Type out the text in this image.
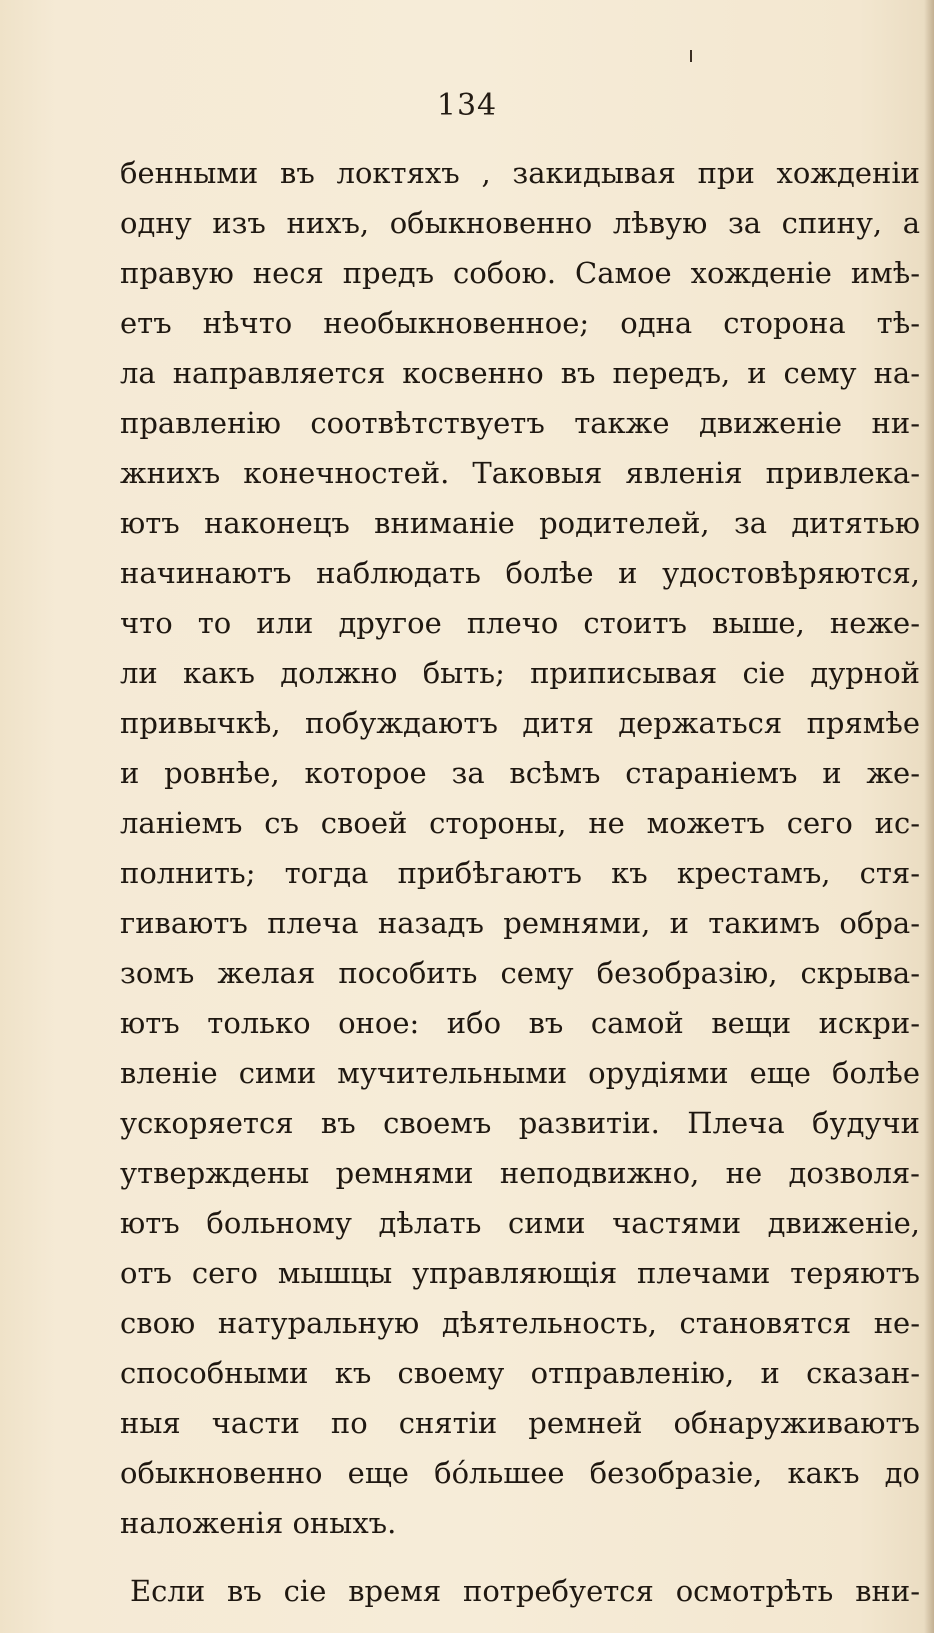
134
бенными въ локтяхъ , закидывая при хожденіи
одну изъ нихъ, обыкновенно лѣвую за спину, а
правую неся предъ собою. Самое хожденіе имѣ-
етъ нѣчто необыкновенное; одна сторона тѣ-
ла направляется косвенно въ передъ, и сему на-
правленію соотвѣтствуетъ также движеніе ни-
жнихъ конечностей. Таковыя явленія привлека-
ютъ наконецъ вниманіе родителей, за дитятью
начинаютъ наблюдать болѣе и удостовѣряются,
что то или другое плечо стоитъ выше, неже-
ли какъ должно быть; приписывая сіе дурной
привычкѣ, побуждаютъ дитя держаться прямѣе
и ровнѣе, которое за всѣмъ стараніемъ и же-
ланіемъ съ своей стороны, не можетъ сего ис-
полнить; тогда прибѣгаютъ къ крестамъ, стя-
гиваютъ плеча назадъ ремнями, и такимъ обра-
зомъ желая пособить сему безобразію, скрыва-
ютъ только оное: ибо въ самой вещи искри-
вленіе сими мучительными орудіями еще болѣе
ускоряется въ своемъ развитіи. Плеча будучи
утверждены ремнями неподвижно, не дозволя-
ютъ больному дѣлать сими частями движеніе,
отъ сего мышцы управляющія плечами теряютъ
свою натуральную дѣятельность, становятся не-
способными къ своему отправленію, и сказан-
ныя части по снятіи ремней обнаруживаютъ
обыкновенно еще бо́льшее безобразіе, какъ до
наложенія оныхъ.
Если въ сіе время потребуется осмотрѣть вни-
